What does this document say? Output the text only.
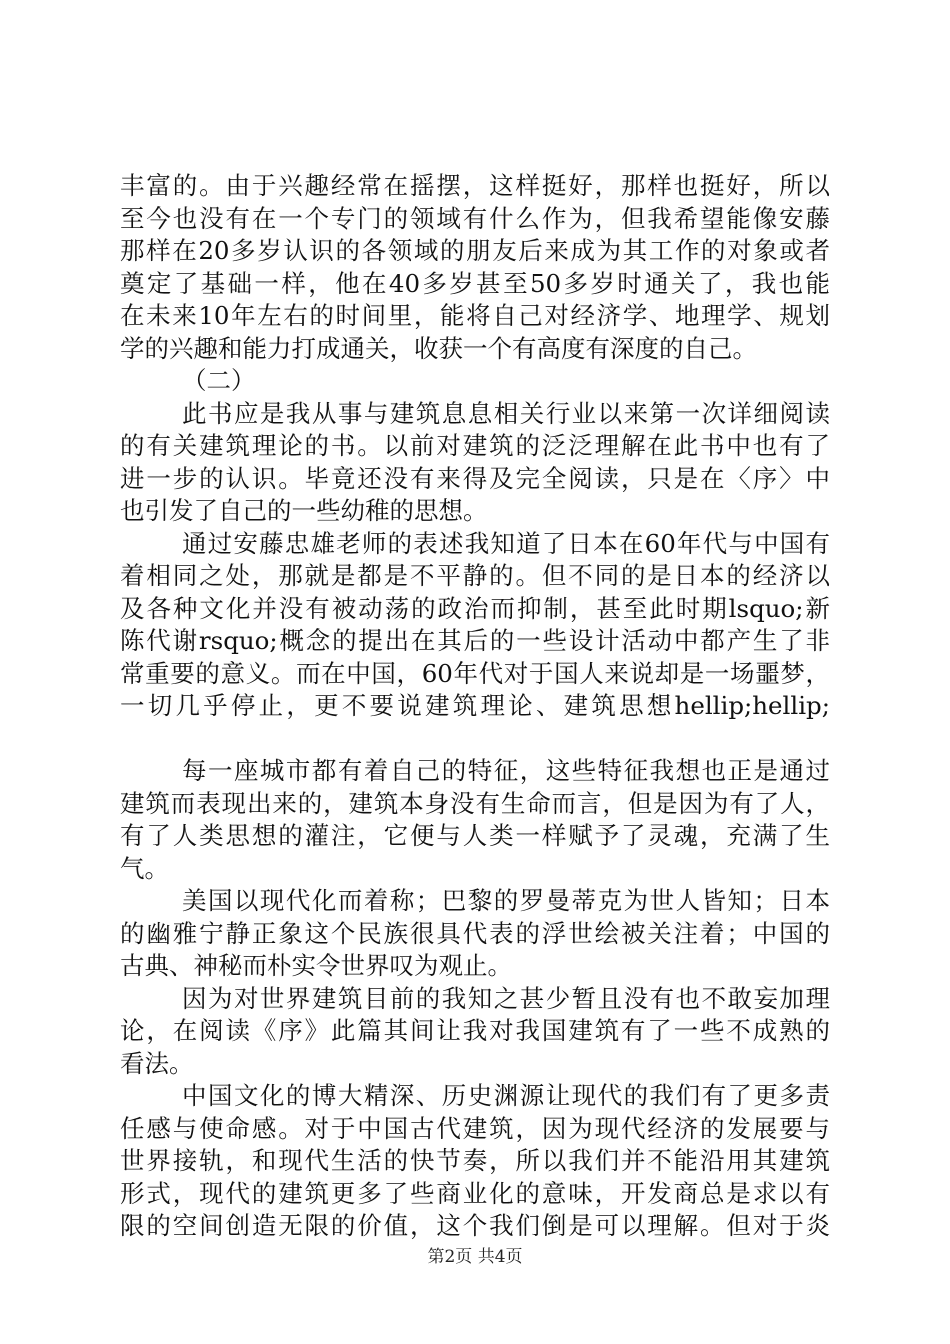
丰富的。由于兴趣经常在摇摆，这样挺好，那样也挺好，所以
至今也没有在一个专门的领域有什么作为，但我希望能像安藤
那样在20多岁认识的各领域的朋友后来成为其工作的对象或者
奠定了基础一样，他在40多岁甚至50多岁时通关了，我也能
在未来10年左右的时间里，能将自己对经济学、地理学、规划
学的兴趣和能力打成通关，收获一个有高度有深度的自己。
（二）
此书应是我从事与建筑息息相关行业以来第一次详细阅读
的有关建筑理论的书。以前对建筑的泛泛理解在此书中也有了
进一步的认识。毕竟还没有来得及完全阅读，只是在〈序〉中
也引发了自己的一些幼稚的思想。
通过安藤忠雄老师的表述我知道了日本在60年代与中国有
着相同之处，那就是都是不平静的。但不同的是日本的经济以
及各种文化并没有被动荡的政治而抑制，甚至此时期lsquo;新
陈代谢rsquo;概念的提出在其后的一些设计活动中都产生了非
常重要的意义。而在中国，60年代对于国人来说却是一场噩梦，
一切几乎停止，更不要说建筑理论、建筑思想hellip;hellip;
每一座城市都有着自己的特征，这些特征我想也正是通过
建筑而表现出来的，建筑本身没有生命而言，但是因为有了人，
有了人类思想的灌注，它便与人类一样赋予了灵魂，充满了生
气。
美国以现代化而着称；巴黎的罗曼蒂克为世人皆知；日本
的幽雅宁静正象这个民族很具代表的浮世绘被关注着；中国的
古典、神秘而朴实令世界叹为观止。
因为对世界建筑目前的我知之甚少暂且没有也不敢妄加理
论，在阅读《序》此篇其间让我对我国建筑有了一些不成熟的
看法。
中国文化的博大精深、历史渊源让现代的我们有了更多责
任感与使命感。对于中国古代建筑，因为现代经济的发展要与
世界接轨，和现代生活的快节奏，所以我们并不能沿用其建筑
形式，现代的建筑更多了些商业化的意味，开发商总是求以有
限的空间创造无限的价值，这个我们倒是可以理解。但对于炎
第2页 共4页
